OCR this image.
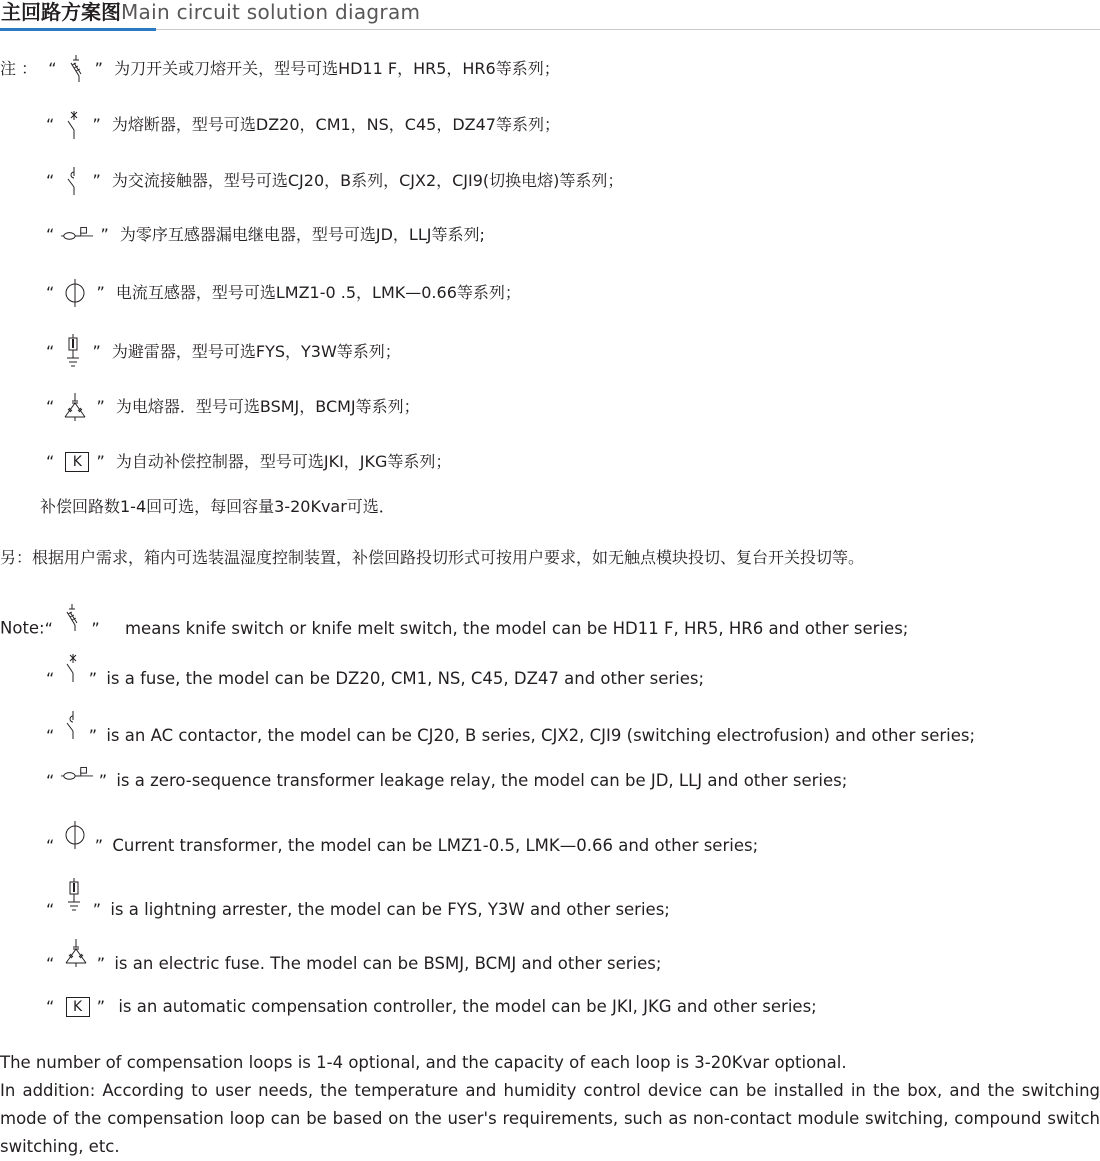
主回路方案图Main circuit solution diagram
注 ： “ ” 为刀开关或刀熔开关，型号可选HD11 F，HR5，HR6等系列；
“ ” 为熔断器，型号可选DZ20，CM1，NS，C45，DZ47等系列；
“ ” 为交流接触器，型号可选CJ20，B系列，CJX2，CJI9(切换电熔)等系列；
“	” 为零序互感器漏电继电器，型号可选JD，LLJ等系列;
“	” 电流互感器，型号可选LMZ1-0 .5，LMK—0.66等系列；
“ ” 为避雷器，型号可选FYS，Y3W等系列；
“	” 为电熔器．型号可选BSMJ，BCMJ等系列；
“ K ” 为自动补偿控制器，型号可选JKI，JKG等系列；
补偿回路数1-4回可选，每回容量3-20Kvar可选．
另：根据用户需求，箱内可选装温湿度控制装置，补偿回路投切形式可按用户要求，如无触点模块投切、复台开关投切等。
Note:“ ” means knife switch or knife melt switch, the model can be HD11 F, HR5, HR6 and other series;
“ ” is a fuse, the model can be DZ20, CM1, NS, C45, DZ47 and other series;
“ ” is an AC contactor, the model can be CJ20, B series, CJX2, CJI9 (switching electrofusion) and other series;
“	” is a zero-sequence transformer leakage relay, the model can be JD, LLJ and other series;
“	” Current transformer, the model can be LMZ1-0.5, LMK—0.66 and other series;
“ ” is a lightning arrester, the model can be FYS, Y3W and other series;
“	” is an electric fuse. The model can be BSMJ, BCMJ and other series;
“ K ” is an automatic compensation controller, the model can be JKI, JKG and other series;
The number of compensation loops is 1-4 optional, and the capacity of each loop is 3-20Kvar optional.
In addition: According to user needs, the temperature and humidity control device can be installed in the box, and the switching mode of the compensation loop can be based on the user's requirements, such as non-contact module switching, compound switch switching, etc.
